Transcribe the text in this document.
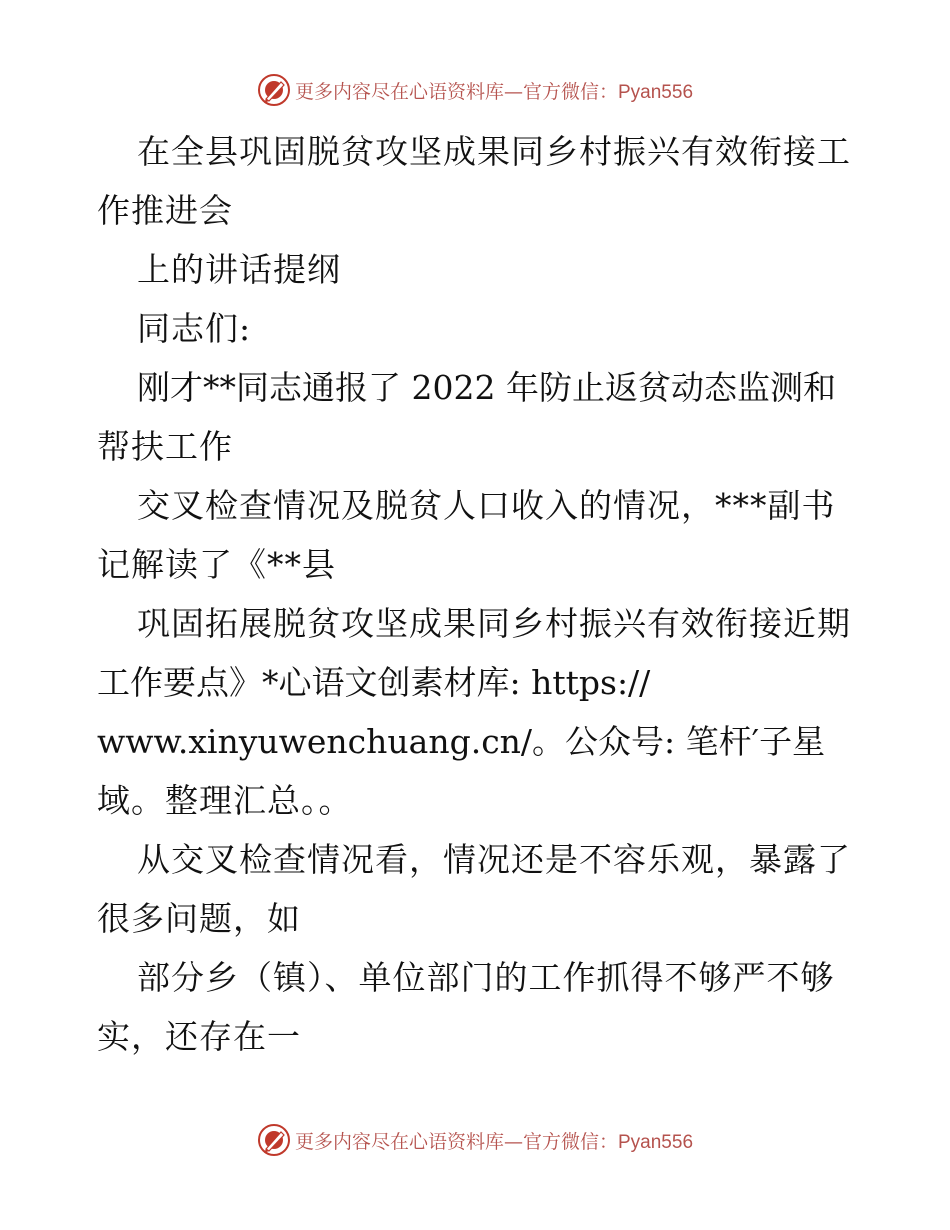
更多内容尽在心语资料库—官方微信：Pyan556
在全县巩固脱贫攻坚成果同乡村振兴有效衔接工
作推进会
上的讲话提纲
同志们:
刚才**同志通报了 2022 年防止返贫动态监测和
帮扶工作
交叉检查情况及脱贫人口收入的情况，***副书
记解读了《**县
巩固拓展脱贫攻坚成果同乡村振兴有效衔接近期
工作要点》*心语文创素材库: https://
www.xinyuwenchuang.cn/。公众号: 笔杆′子星
域。整理汇总。。
从交叉检查情况看，情况还是不容乐观，暴露了
很多问题，如
部分乡（镇）、单位部门的工作抓得不够严不够
实，还存在一
更多内容尽在心语资料库—官方微信：Pyan556
